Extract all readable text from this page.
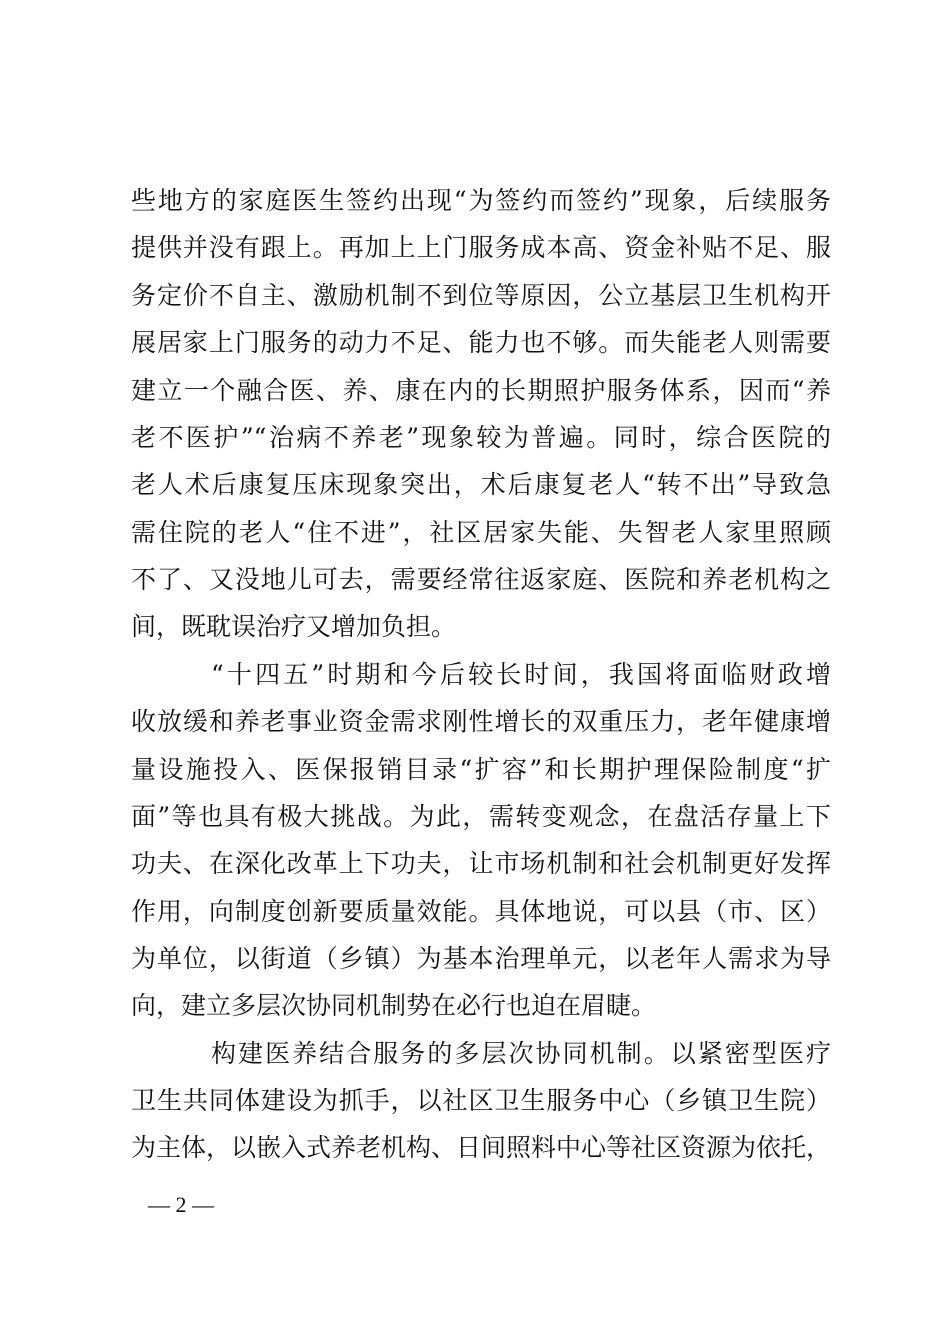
些地方的家庭医生签约出现“为签约而签约”现象，后续服务
提供并没有跟上。再加上上门服务成本高、资金补贴不足、服
务定价不自主、激励机制不到位等原因，公立基层卫生机构开
展居家上门服务的动力不足、能力也不够。而失能老人则需要
建立一个融合医、养、康在内的长期照护服务体系，因而“养
老不医护”“治病不养老”现象较为普遍。同时，综合医院的
老人术后康复压床现象突出，术后康复老人“转不出”导致急
需住院的老人“住不进”，社区居家失能、失智老人家里照顾
不了、又没地儿可去，需要经常往返家庭、医院和养老机构之
间，既耽误治疗又增加负担。
“十四五”时期和今后较长时间，我国将面临财政增
收放缓和养老事业资金需求刚性增长的双重压力，老年健康增
量设施投入、医保报销目录“扩容”和长期护理保险制度“扩
面”等也具有极大挑战。为此，需转变观念，在盘活存量上下
功夫、在深化改革上下功夫，让市场机制和社会机制更好发挥
作用，向制度创新要质量效能。具体地说，可以县（市、区）
为单位，以街道（乡镇）为基本治理单元，以老年人需求为导
向，建立多层次协同机制势在必行也迫在眉睫。
构建医养结合服务的多层次协同机制。以紧密型医疗
卫生共同体建设为抓手，以社区卫生服务中心（乡镇卫生院）
为主体，以嵌入式养老机构、日间照料中心等社区资源为依托，
— 2 —
